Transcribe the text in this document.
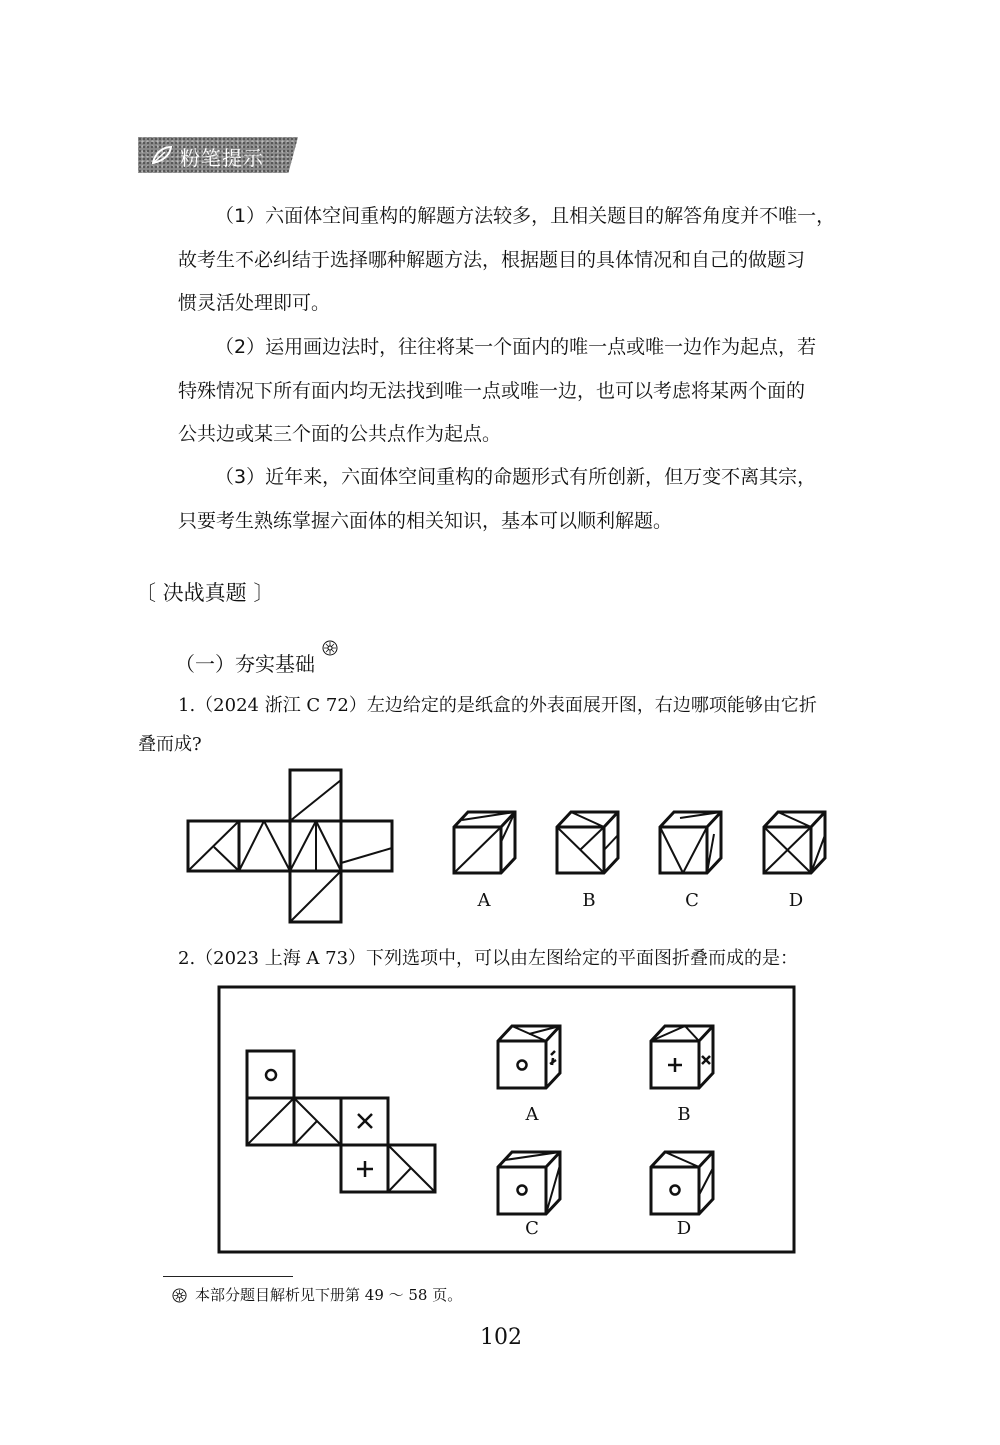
粉笔提示
（1）六面体空间重构的解题方法较多，且相关题目的解答角度并不唯一，
故考生不必纠结于选择哪种解题方法，根据题目的具体情况和自己的做题习
惯灵活处理即可。
（2）运用画边法时，往往将某一个面内的唯一点或唯一边作为起点，若
特殊情况下所有面内均无法找到唯一点或唯一边，也可以考虑将某两个面的
公共边或某三个面的公共点作为起点。
（3）近年来，六面体空间重构的命题形式有所创新，但万变不离其宗，
只要考生熟练掌握六面体的相关知识，基本可以顺利解题。
〔 决战真题 〕
（一）夯实基础
1.（2024 浙江 C 72）左边给定的是纸盒的外表面展开图，右边哪项能够由它折
叠而成?
A	B	C	D
2.（2023 上海 A 73）下列选项中，可以由左图给定的平面图折叠而成的是：
A	B
C	D
本部分题目解析见下册第 49 ～ 58 页。
102
